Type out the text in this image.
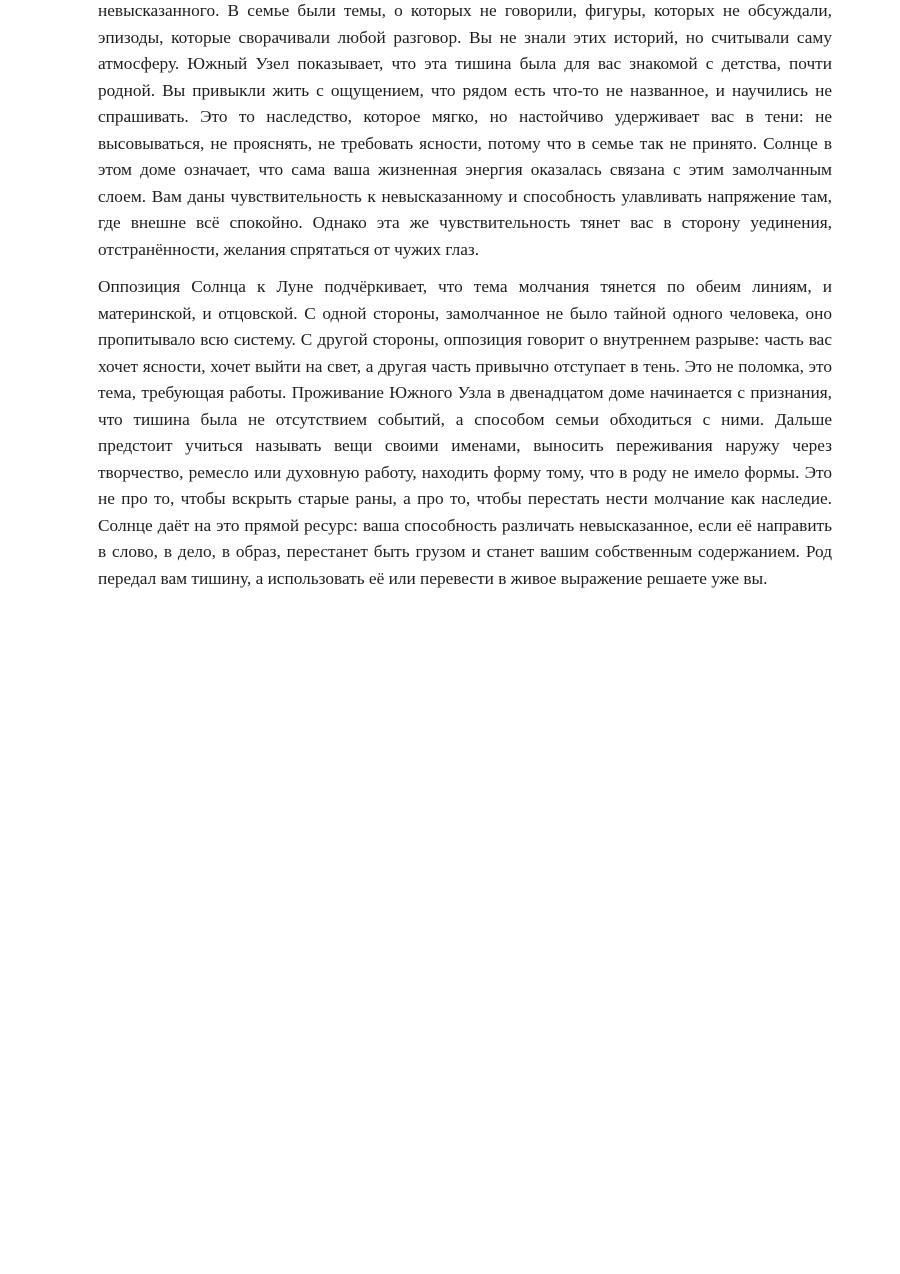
невысказанного. В семье были темы, о которых не говорили, фигуры, которых не обсуждали, эпизоды, которые сворачивали любой разговор. Вы не знали этих историй, но считывали саму атмосферу. Южный Узел показывает, что эта тишина была для вас знакомой с детства, почти родной. Вы привыкли жить с ощущением, что рядом есть что-то не названное, и научились не спрашивать. Это то наследство, которое мягко, но настойчиво удерживает вас в тени: не высовываться, не прояснять, не требовать ясности, потому что в семье так не принято. Солнце в этом доме означает, что сама ваша жизненная энергия оказалась связана с этим замолчанным слоем. Вам даны чувствительность к невысказанному и способность улавливать напряжение там, где внешне всё спокойно. Однако эта же чувствительность тянет вас в сторону уединения, отстранённости, желания спрятаться от чужих глаз.

Оппозиция Солнца к Луне подчёркивает, что тема молчания тянется по обеим линиям, и материнской, и отцовской. С одной стороны, замолчанное не было тайной одного человека, оно пропитывало всю систему. С другой стороны, оппозиция говорит о внутреннем разрыве: часть вас хочет ясности, хочет выйти на свет, а другая часть привычно отступает в тень. Это не поломка, это тема, требующая работы. Проживание Южного Узла в двенадцатом доме начинается с признания, что тишина была не отсутствием событий, а способом семьи обходиться с ними. Дальше предстоит учиться называть вещи своими именами, выносить переживания наружу через творчество, ремесло или духовную работу, находить форму тому, что в роду не имело формы. Это не про то, чтобы вскрыть старые раны, а про то, чтобы перестать нести молчание как наследие. Солнце даёт на это прямой ресурс: ваша способность различать невысказанное, если её направить в слово, в дело, в образ, перестанет быть грузом и станет вашим собственным содержанием. Род передал вам тишину, а использовать её или перевести в живое выражение решаете уже вы.
